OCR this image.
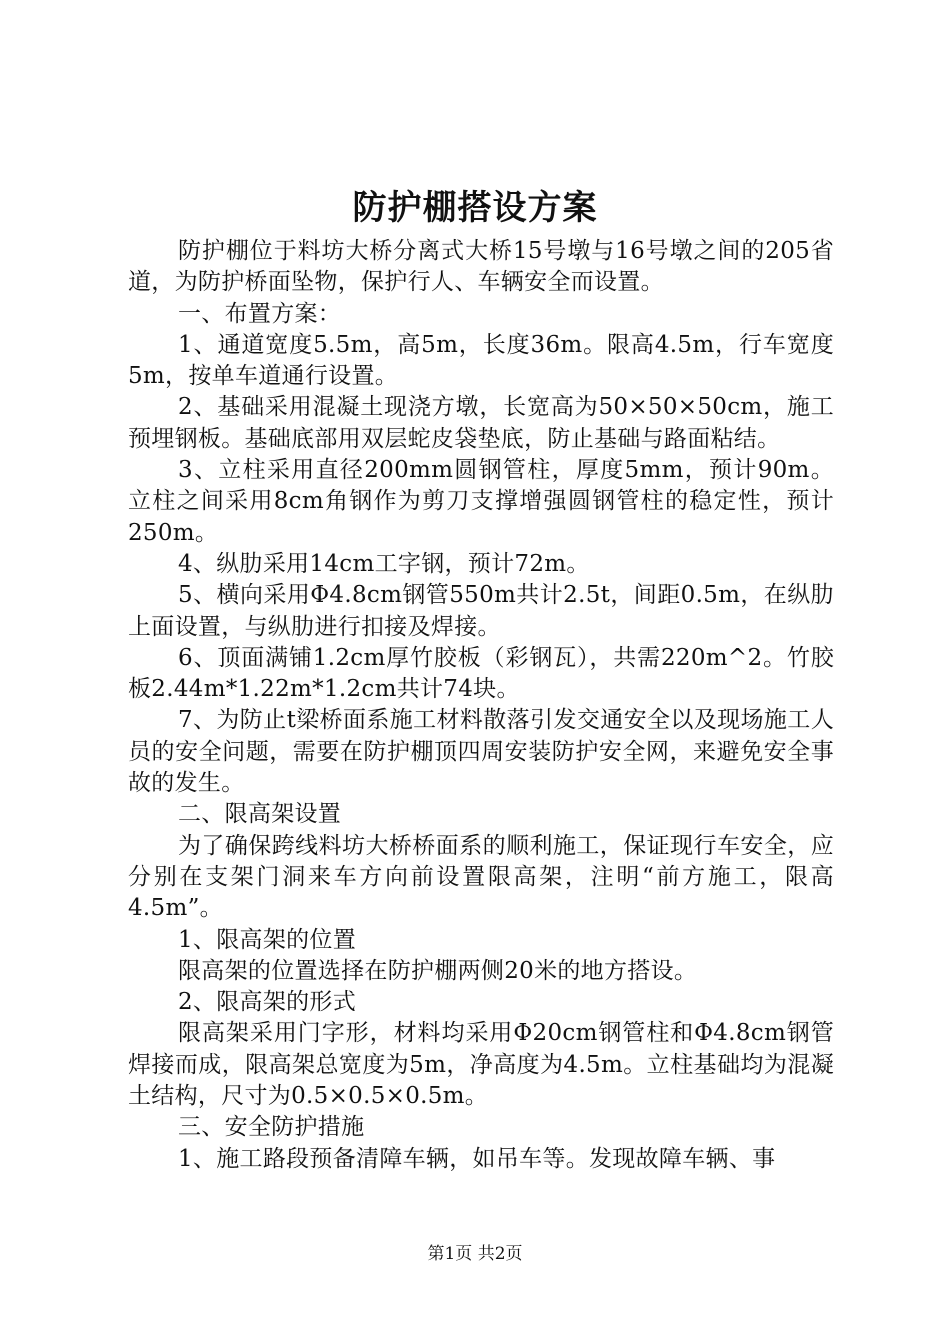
防护棚搭设方案

防护棚位于料坊大桥分离式大桥15号墩与16号墩之间的205省道，为防护桥面坠物，保护行人、车辆安全而设置。

一、布置方案：

1、通道宽度5.5m，高5m，长度36m。限高4.5m，行车宽度5m，按单车道通行设置。

2、基础采用混凝土现浇方墩，长宽高为50×50×50cm，施工预埋钢板。基础底部用双层蛇皮袋垫底，防止基础与路面粘结。

3、立柱采用直径200mm圆钢管柱，厚度5mm，预计90m。立柱之间采用8cm角钢作为剪刀支撑增强圆钢管柱的稳定性，预计250m。

4、纵肋采用14cm工字钢，预计72m。

5、横向采用Φ4.8cm钢管550m共计2.5t，间距0.5m，在纵肋上面设置，与纵肋进行扣接及焊接。

6、顶面满铺1.2cm厚竹胶板（彩钢瓦），共需220m^2。竹胶板2.44m*1.22m*1.2cm共计74块。

7、为防止t梁桥面系施工材料散落引发交通安全以及现场施工人员的安全问题，需要在防护棚顶四周安装防护安全网，来避免安全事故的发生。

二、限高架设置

为了确保跨线料坊大桥桥面系的顺利施工，保证现行车安全，应分别在支架门洞来车方向前设置限高架，注明“前方施工，限高4.5m”。

1、限高架的位置

限高架的位置选择在防护棚两侧20米的地方搭设。

2、限高架的形式

限高架采用门字形，材料均采用Φ20cm钢管柱和Φ4.8cm钢管焊接而成，限高架总宽度为5m，净高度为4.5m。立柱基础均为混凝土结构，尺寸为0.5×0.5×0.5m。

三、安全防护措施

1、施工路段预备清障车辆，如吊车等。发现故障车辆、事

第1页 共2页
